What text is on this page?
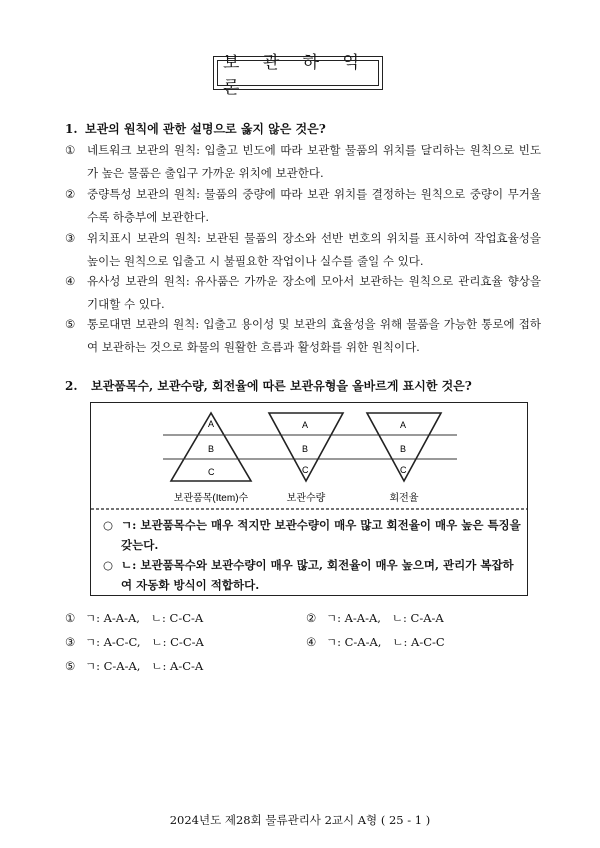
보 관 하 역 론
1. 보관의 원칙에 관한 설명으로 옳지 않은 것은?
① 네트워크 보관의 원칙: 입출고 빈도에 따라 보관할 물품의 위치를 달리하는 원칙으로 빈도가 높은 물품은 출입구 가까운 위치에 보관한다.
② 중량특성 보관의 원칙: 물품의 중량에 따라 보관 위치를 결정하는 원칙으로 중량이 무거울수록 하층부에 보관한다.
③ 위치표시 보관의 원칙: 보관된 물품의 장소와 선반 번호의 위치를 표시하여 작업효율성을 높이는 원칙으로 입출고 시 불필요한 작업이나 실수를 줄일 수 있다.
④ 유사성 보관의 원칙: 유사품은 가까운 장소에 모아서 보관하는 원칙으로 관리효율 향상을 기대할 수 있다.
⑤ 통로대면 보관의 원칙: 입출고 용이성 및 보관의 효율성을 위해 물품을 가능한 통로에 접하여 보관하는 것으로 화물의 원활한 흐름과 활성화를 위한 원칙이다.
2. 보관품목수, 보관수량, 회전율에 따른 보관유형을 올바르게 표시한 것은?
A
B
C
A
B
C
A
B
C
보관품목(Item)수	보관수량	회전율
○ ㄱ: 보관품목수는 매우 적지만 보관수량이 매우 많고 회전율이 매우 높은 특징을 갖는다.
○ ㄴ: 보관품목수와 보관수량이 매우 많고, 회전율이 매우 높으며, 관리가 복잡하여 자동화 방식이 적합하다.
① ㄱ: A-A-A,   ㄴ: C-C-A	② ㄱ: A-A-A,   ㄴ: C-A-A
③ ㄱ: A-C-C,   ㄴ: C-C-A	④ ㄱ: C-A-A,   ㄴ: A-C-C
⑤ ㄱ: C-A-A,   ㄴ: A-C-A
2024년도 제28회 물류관리사 2교시 A형 ( 25 - 1 )
